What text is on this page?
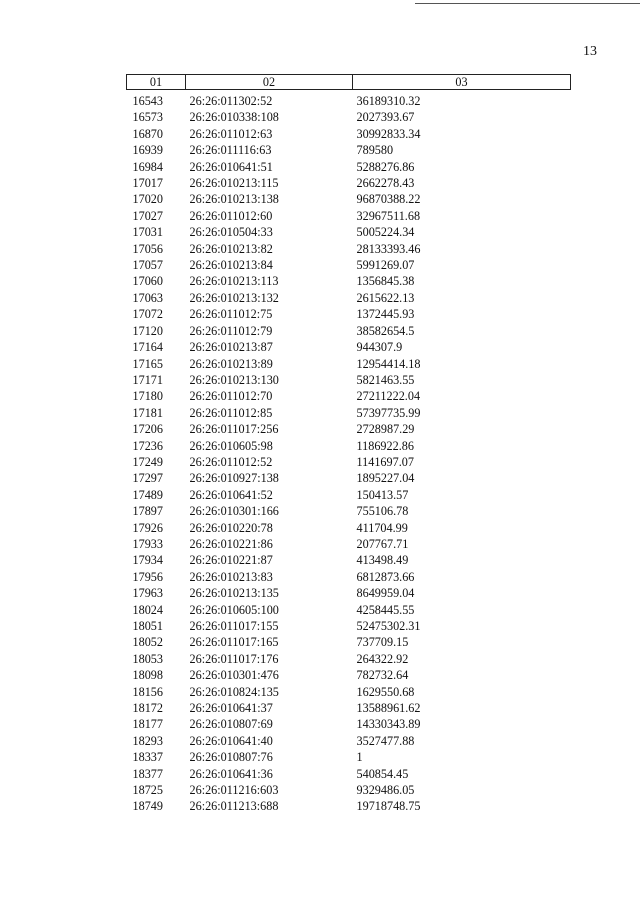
13
01	02	03
16543	26:26:011302:52	36189310.32
16573	26:26:010338:108	2027393.67
16870	26:26:011012:63	30992833.34
16939	26:26:011116:63	789580
16984	26:26:010641:51	5288276.86
17017	26:26:010213:115	2662278.43
17020	26:26:010213:138	96870388.22
17027	26:26:011012:60	32967511.68
17031	26:26:010504:33	5005224.34
17056	26:26:010213:82	28133393.46
17057	26:26:010213:84	5991269.07
17060	26:26:010213:113	1356845.38
17063	26:26:010213:132	2615622.13
17072	26:26:011012:75	1372445.93
17120	26:26:011012:79	38582654.5
17164	26:26:010213:87	944307.9
17165	26:26:010213:89	12954414.18
17171	26:26:010213:130	5821463.55
17180	26:26:011012:70	27211222.04
17181	26:26:011012:85	57397735.99
17206	26:26:011017:256	2728987.29
17236	26:26:010605:98	1186922.86
17249	26:26:011012:52	1141697.07
17297	26:26:010927:138	1895227.04
17489	26:26:010641:52	150413.57
17897	26:26:010301:166	755106.78
17926	26:26:010220:78	411704.99
17933	26:26:010221:86	207767.71
17934	26:26:010221:87	413498.49
17956	26:26:010213:83	6812873.66
17963	26:26:010213:135	8649959.04
18024	26:26:010605:100	4258445.55
18051	26:26:011017:155	52475302.31
18052	26:26:011017:165	737709.15
18053	26:26:011017:176	264322.92
18098	26:26:010301:476	782732.64
18156	26:26:010824:135	1629550.68
18172	26:26:010641:37	13588961.62
18177	26:26:010807:69	14330343.89
18293	26:26:010641:40	3527477.88
18337	26:26:010807:76	1
18377	26:26:010641:36	540854.45
18725	26:26:011216:603	9329486.05
18749	26:26:011213:688	19718748.75
